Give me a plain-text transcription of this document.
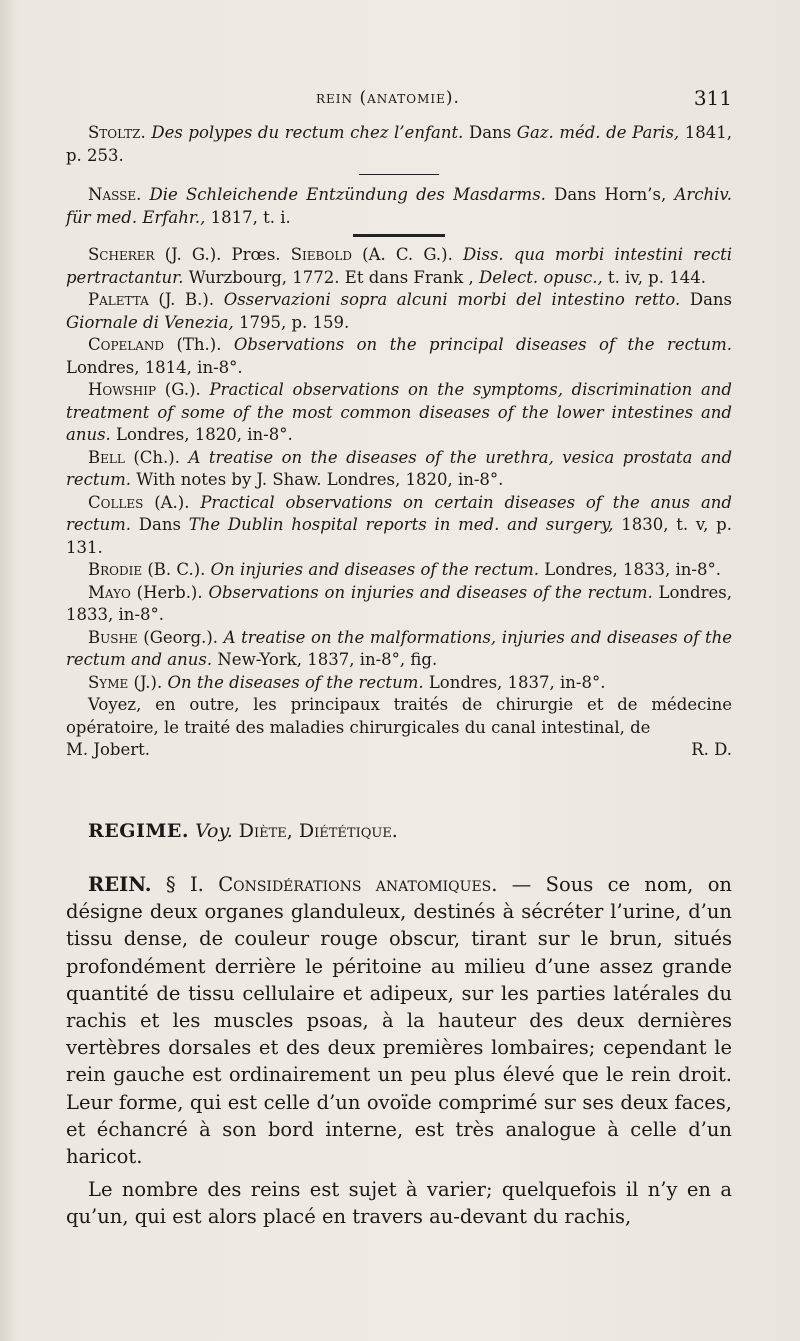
rein (anatomie).	311

Stoltz. Des polypes du rectum chez l’enfant. Dans Gaz. méd. de Paris, 1841, p. 253.

Nasse. Die Schleichende Entzündung des Masdarms. Dans Horn’s, Archiv. für med. Erfahr., 1817, t. i.

Scherer (J. G.). Prœs. Siebold (A. C. G.). Diss. qua morbi intestini recti pertractantur. Wurzbourg, 1772. Et dans Frank , Delect. opusc., t. iv, p. 144.

Paletta (J. B.). Osservazioni sopra alcuni morbi del intestino retto. Dans Giornale di Venezia, 1795, p. 159.

Copeland (Th.). Observations on the principal diseases of the rectum. Londres, 1814, in-8°.

Howship (G.). Practical observations on the symptoms, discrimination and treatment of some of the most common diseases of the lower intestines and anus. Londres, 1820, in-8°.

Bell (Ch.). A treatise on the diseases of the urethra, vesica prostata and rectum. With notes by J. Shaw. Londres, 1820, in-8°.

Colles (A.). Practical observations on certain diseases of the anus and rectum. Dans The Dublin hospital reports in med. and surgery, 1830, t. v, p. 131.

Brodie (B. C.). On injuries and diseases of the rectum. Londres, 1833, in-8°.

Mayo (Herb.). Observations on injuries and diseases of the rectum. Londres, 1833, in-8°.

Bushe (Georg.). A treatise on the malformations, injuries and diseases of the rectum and anus. New-York, 1837, in-8°, fig.

Syme (J.). On the diseases of the rectum. Londres, 1837, in-8°.

Voyez, en outre, les principaux traités de chirurgie et de médecine opératoire, le traité des maladies chirurgicales du canal intestinal, de

M. Jobert.	R. D.

REGIME. Voy. Diète, Diététique.

REIN. § I. Considérations anatomiques. — Sous ce nom, on désigne deux organes glanduleux, destinés à sécréter l’urine, d’un tissu dense, de couleur rouge obscur, tirant sur le brun, situés profondément derrière le péritoine au milieu d’une assez grande quantité de tissu cellulaire et adipeux, sur les parties latérales du rachis et les muscles psoas, à la hauteur des deux dernières vertèbres dorsales et des deux premières lombaires; cependant le rein gauche est ordinairement un peu plus élevé que le rein droit. Leur forme, qui est celle d’un ovoïde comprimé sur ses deux faces, et échancré à son bord interne, est très analogue à celle d’un haricot.

Le nombre des reins est sujet à varier; quelquefois il n’y en a qu’un, qui est alors placé en travers au-devant du rachis,
